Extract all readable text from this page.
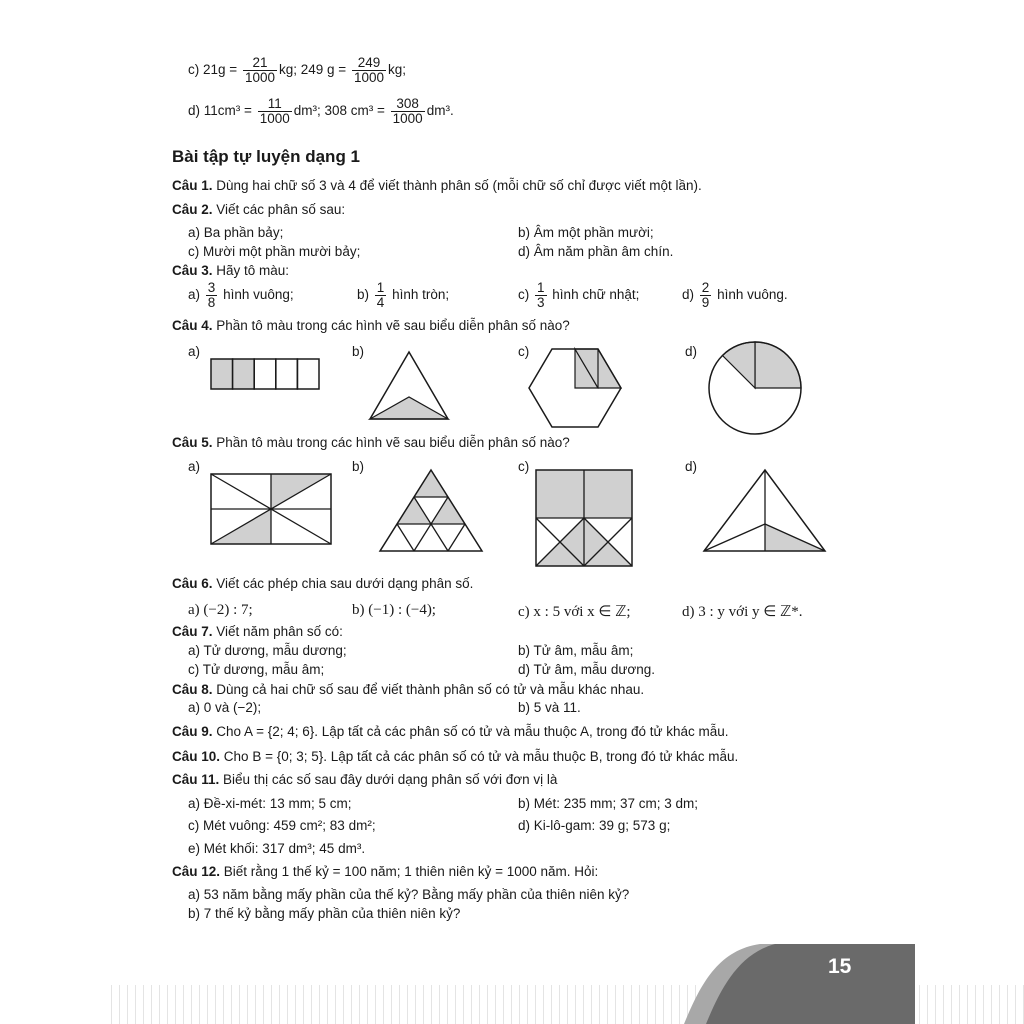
c) $21g = \frac{21}{1000}$ kg; 249 $g = \frac{249}{1000}$ kg;
d) $11cm^3 = \frac{11}{1000} dm^3$; 308 $cm^3 = \frac{308}{1000} dm^3$.
Bài tập tự luyện dạng 1
Câu 1. Dùng hai chữ số 3 và 4 để viết thành phân số (mỗi chữ số chỉ được viết một lần).
Câu 2. Viết các phân số sau:
a) Ba phần bảy;	b) Âm một phần mười;
c) Mười một phần mười bảy;	d) Âm năm phần âm chín.
Câu 3. Hãy tô màu:
$a) \frac{3}{8}$ hình vuông;	$b) \frac{1}{4}$ hình tròn;	$c) \frac{1}{3}$ hình chữ nhật;	$d) \frac{2}{9}$ hình vuông.
Câu 4. Phần tô màu trong các hình vẽ sau biểu diễn phân số nào?
a)	b)	c)	d)
Câu 5. Phần tô màu trong các hình vẽ sau biểu diễn phân số nào?
a)	b)	c)	d)
Câu 6. Viết các phép chia sau dưới dạng phân số.
a) (−2) : 7;	b) (−1) : (−4);	c) x : 5 với x ∈ ℤ;	d) 3 : y với y ∈ ℤ*.
Câu 7. Viết năm phân số có:
a) Tử dương, mẫu dương;	b) Tử âm, mẫu âm;
c) Tử dương, mẫu âm;	d) Tử âm, mẫu dương.
Câu 8. Dùng cả hai chữ số sau để viết thành phân số có tử và mẫu khác nhau.
a) 0 và (−2);	b) 5 và 11.
Câu 9. Cho A = {2; 4; 6}. Lập tất cả các phân số có tử và mẫu thuộc A, trong đó tử khác mẫu.
Câu 10. Cho B = {0; 3; 5}. Lập tất cả các phân số có tử và mẫu thuộc B, trong đó tử khác mẫu.
Câu 11. Biểu thị các số sau đây dưới dạng phân số với đơn vị là
a) Đề-xi-mét: 13 mm; 5 cm;	b) Mét: 235 mm; 37 cm; 3 dm;
c) Mét vuông: 459 cm²; 83 dm²;	d) Ki-lô-gam: 39 g; 573 g;
e) Mét khối: 317 dm³; 45 dm³.
Câu 12. Biết rằng 1 thế kỷ = 100 năm; 1 thiên niên kỷ = 1000 năm. Hỏi:
a) 53 năm bằng mấy phần của thế kỷ? Bằng mấy phần của thiên niên kỷ?
b) 7 thế kỷ bằng mấy phần của thiên niên kỷ?
15
